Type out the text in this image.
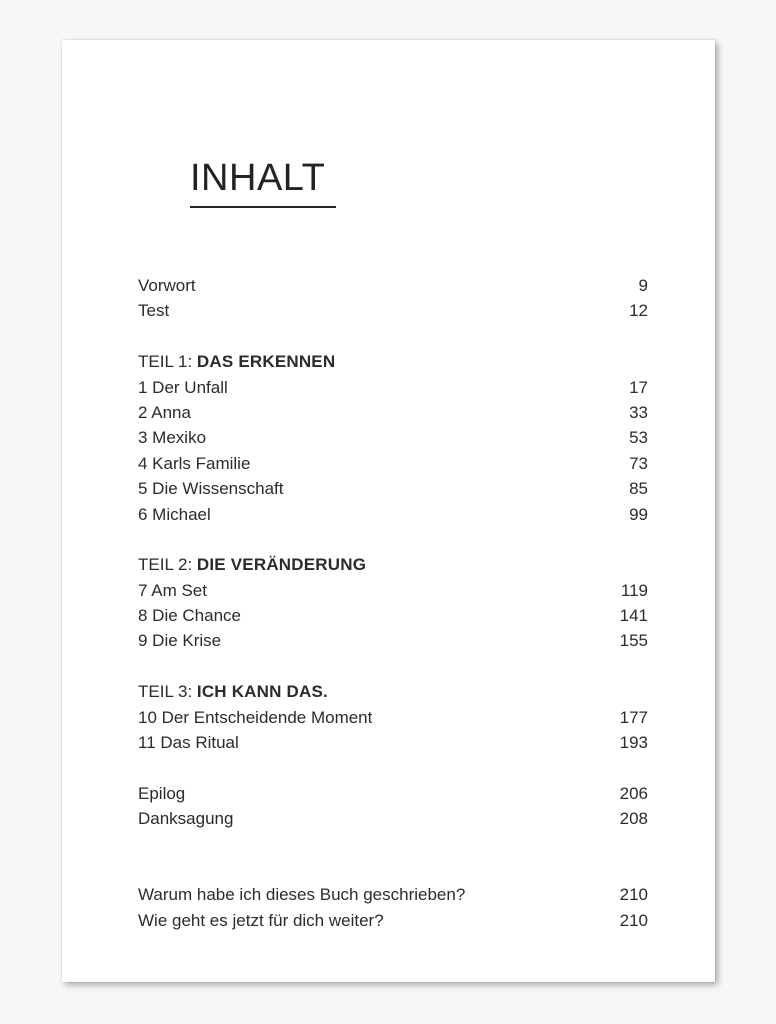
INHALT
Vorwort	9
Test	12
TEIL 1: DAS ERKENNEN
1 Der Unfall	17
2 Anna	33
3 Mexiko	53
4 Karls Familie	73
5 Die Wissenschaft	85
6 Michael	99
TEIL 2: DIE VERÄNDERUNG
7 Am Set	119
8 Die Chance	141
9 Die Krise	155
TEIL 3: ICH KANN DAS.
10 Der Entscheidende Moment	177
11 Das Ritual	193
Epilog	206
Danksagung	208
Warum habe ich dieses Buch geschrieben?	210
Wie geht es jetzt für dich weiter?	210
